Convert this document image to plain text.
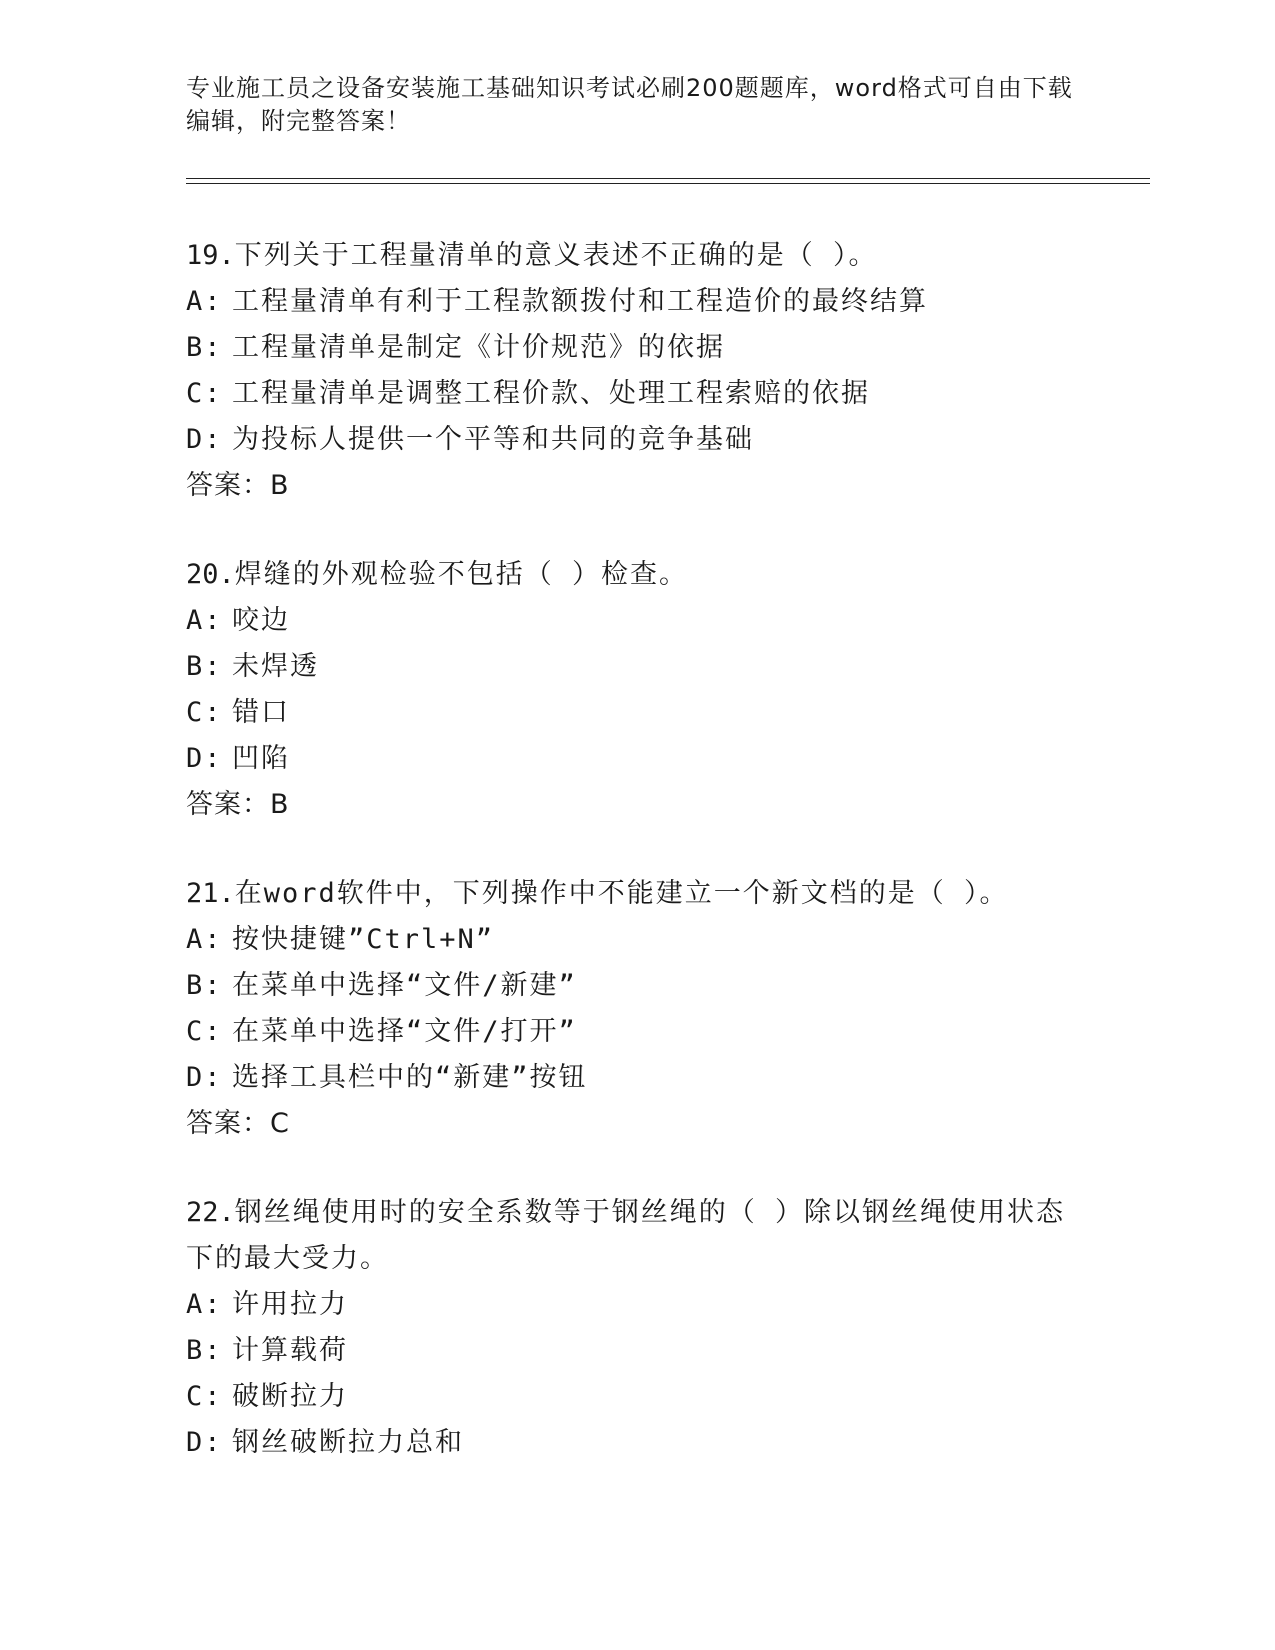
专业施工员之设备安装施工基础知识考试必刷200题题库，word格式可自由下载
编辑，附完整答案！
19.下列关于工程量清单的意义表述不正确的是（ ）。
A: 工程量清单有利于工程款额拨付和工程造价的最终结算
B: 工程量清单是制定《计价规范》的依据
C: 工程量清单是调整工程价款、处理工程索赔的依据
D: 为投标人提供一个平等和共同的竞争基础
答案：B
20.焊缝的外观检验不包括（ ）检查。
A: 咬边
B: 未焊透
C: 错口
D: 凹陷
答案：B
21.在word软件中，下列操作中不能建立一个新文档的是（ ）。
A: 按快捷键”Ctrl+N”
B: 在菜单中选择“文件/新建”
C: 在菜单中选择“文件/打开”
D: 选择工具栏中的“新建”按钮
答案：C
22.钢丝绳使用时的安全系数等于钢丝绳的（ ）除以钢丝绳使用状态
下的最大受力。
A: 许用拉力
B: 计算载荷
C: 破断拉力
D: 钢丝破断拉力总和
